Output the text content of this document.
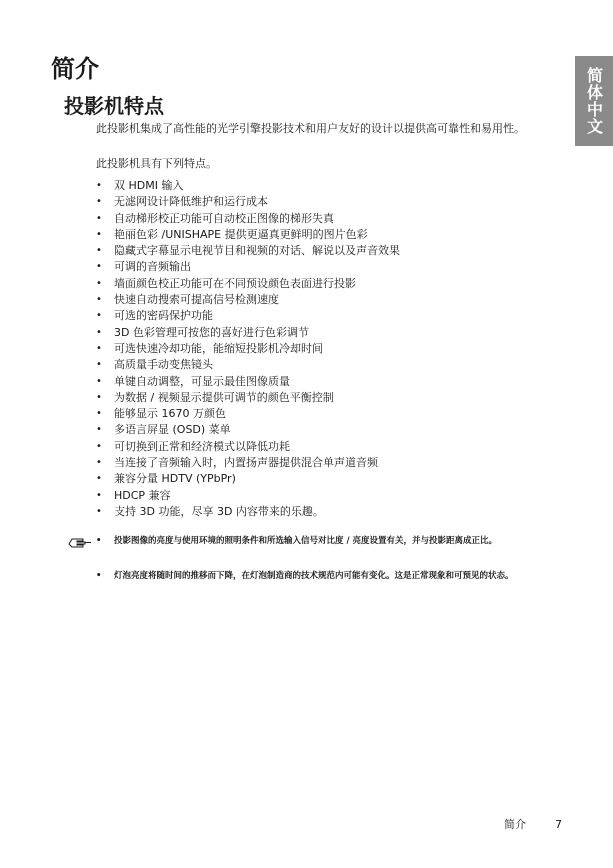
简体中文
简介
投影机特点

此投影机集成了高性能的光学引擎投影技术和用户友好的设计以提供高可靠性和易用性。

此投影机具有下列特点。

• 双 HDMI 输入
• 无滤网设计降低维护和运行成本
• 自动梯形校正功能可自动校正图像的梯形失真
• 艳丽色彩 /UNISHAPE 提供更逼真更鲜明的图片色彩
• 隐藏式字幕显示电视节目和视频的对话、解说以及声音效果
• 可调的音频输出
• 墙面颜色校正功能可在不同预设颜色表面进行投影
• 快速自动搜索可提高信号检测速度
• 可选的密码保护功能
• 3D 色彩管理可按您的喜好进行色彩调节
• 可选快速冷却功能，能缩短投影机冷却时间
• 高质量手动变焦镜头
• 单键自动调整，可显示最佳图像质量
• 为数据 / 视频显示提供可调节的颜色平衡控制
• 能够显示 1670 万颜色
• 多语言屏显 (OSD) 菜单
• 可切换到正常和经济模式以降低功耗
• 当连接了音频输入时，内置扬声器提供混合单声道音频
• 兼容分量 HDTV (YPbPr)
• HDCP 兼容
• 支持 3D 功能，尽享 3D 内容带来的乐趣。
•	投影图像的亮度与使用环境的照明条件和所选输入信号对比度 / 亮度设置有关，并与投影距离成正比。
•	灯泡亮度将随时间的推移而下降，在灯泡制造商的技术规范内可能有变化。这是正常现象和可预见的状态。
简介	7
